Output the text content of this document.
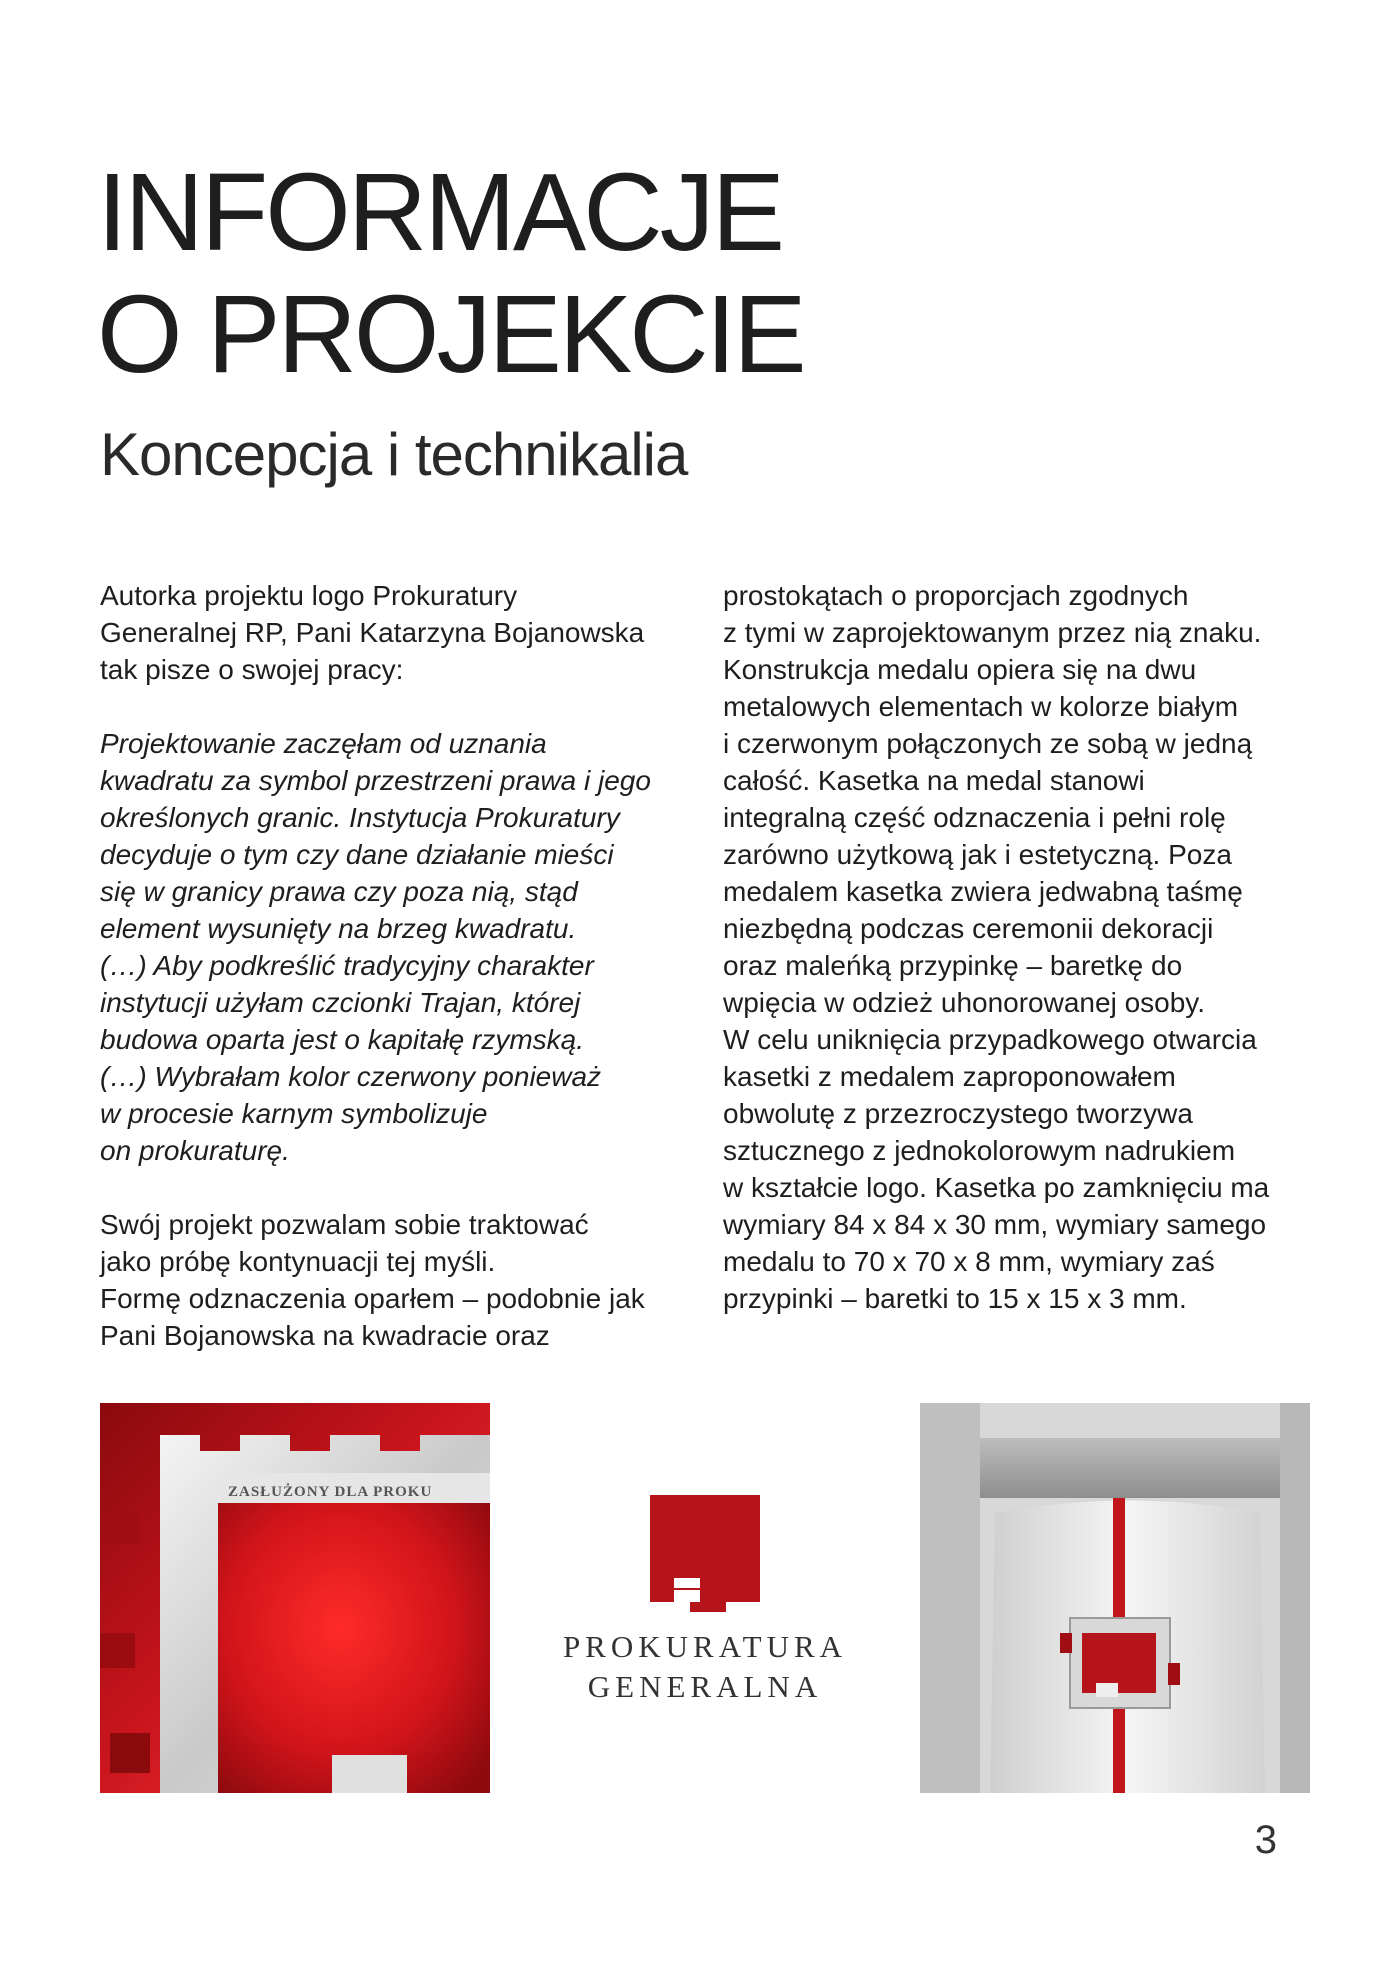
INFORMACJE
O PROJEKCIE
Koncepcja i technikalia

Autorka projektu logo Prokuratury
Generalnej RP, Pani Katarzyna Bojanowska
tak pisze o swojej pracy:

Projektowanie zaczęłam od uznania
kwadratu za symbol przestrzeni prawa i jego
określonych granic. Instytucja Prokuratury
decyduje o tym czy dane działanie mieści
się w granicy prawa czy poza nią, stąd
element wysunięty na brzeg kwadratu.
(…) Aby podkreślić tradycyjny charakter
instytucji użyłam czcionki Trajan, której
budowa oparta jest o kapitałę rzymską.
(…) Wybrałam kolor czerwony ponieważ
w procesie karnym symbolizuje
on prokuraturę.

Swój projekt pozwalam sobie traktować
jako próbę kontynuacji tej myśli.
Formę odznaczenia oparłem – podobnie jak
Pani Bojanowska na kwadracie oraz

prostokątach o proporcjach zgodnych
z tymi w zaprojektowanym przez nią znaku.
Konstrukcja medalu opiera się na dwu
metalowych elementach w kolorze białym
i czerwonym połączonych ze sobą w jedną
całość. Kasetka na medal stanowi
integralną część odznaczenia i pełni rolę
zarówno użytkową jak i estetyczną. Poza
medalem kasetka zwiera jedwabną taśmę
niezbędną podczas ceremonii dekoracji
oraz maleńką przypinkę – baretkę do
wpięcia w odzież uhonorowanej osoby.
W celu uniknięcia przypadkowego otwarcia
kasetki z medalem zaproponowałem
obwolutę z przezroczystego tworzywa
sztucznego z jednokolorowym nadrukiem
w kształcie logo. Kasetka po zamknięciu ma
wymiary 84 x 84 x 30 mm, wymiary samego
medalu to 70 x 70 x 8 mm, wymiary zaś
przypinki – baretki to 15 x 15 x 3 mm.

ZASŁUŻONY DLA PROKU
PROKURATURA
GENERALNA
3
